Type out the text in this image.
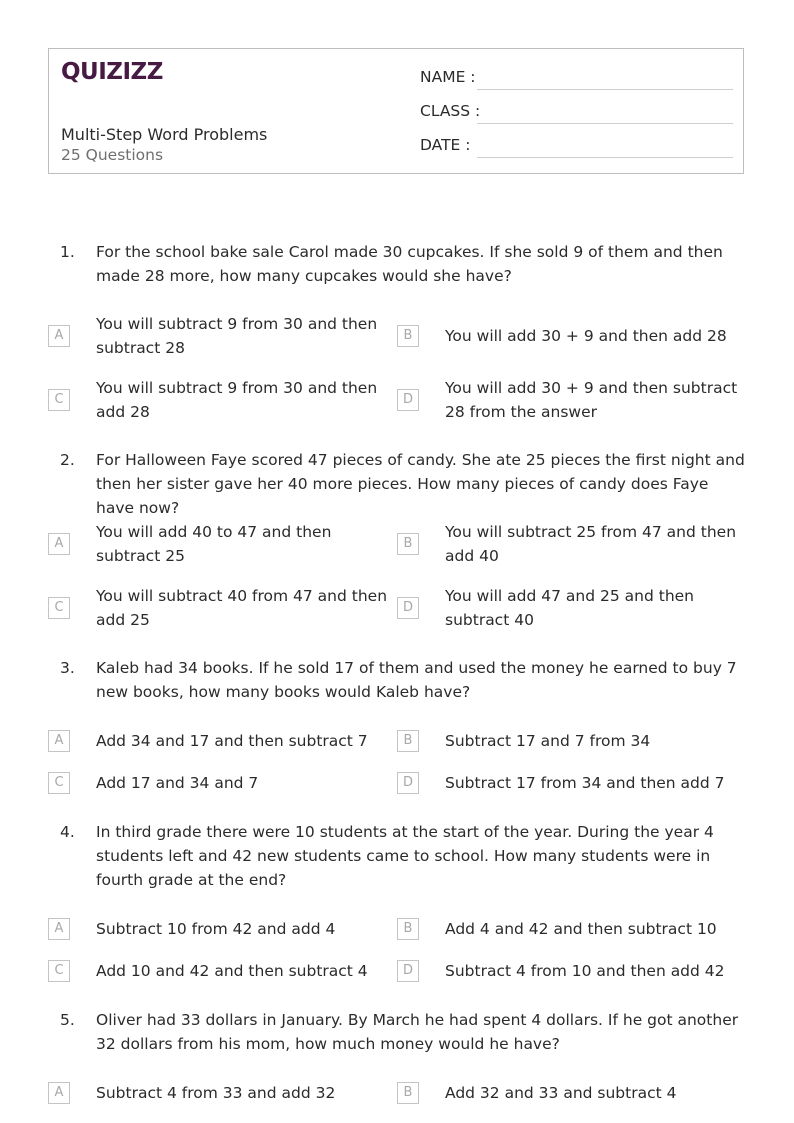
QUIZIZZ
Multi-Step Word Problems
25 Questions
NAME :
CLASS :
DATE :
1. For the school bake sale Carol made 30 cupcakes. If she sold 9 of them and then made 28 more, how many cupcakes would she have?
A
You will subtract 9 from 30 and then subtract 28
B	You will add 30 + 9 and then add 28
C
You will subtract 9 from 30 and then add 28
D
You will add 30 + 9 and then subtract 28 from the answer
2. For Halloween Faye scored 47 pieces of candy. She ate 25 pieces the first night and then her sister gave her 40 more pieces. How many pieces of candy does Faye have now?
A
You will add 40 to 47 and then subtract 25
B
You will subtract 25 from 47 and then add 40
C
You will subtract 40 from 47 and then add 25
D
You will add 47 and 25 and then subtract 40
3. Kaleb had 34 books. If he sold 17 of them and used the money he earned to buy 7 new books, how many books would Kaleb have?
A	Add 34 and 17 and then subtract 7	B	Subtract 17 and 7 from 34
C	Add 17 and 34 and 7	D	Subtract 17 from 34 and then add 7
4. In third grade there were 10 students at the start of the year. During the year 4 students left and 42 new students came to school. How many students were in fourth grade at the end?
A	Subtract 10 from 42 and add 4	B	Add 4 and 42 and then subtract 10
C	Add 10 and 42 and then subtract 4	D	Subtract 4 from 10 and then add 42
5. Oliver had 33 dollars in January. By March he had spent 4 dollars. If he got another 32 dollars from his mom, how much money would he have?
A	Subtract 4 from 33 and add 32	B	Add 32 and 33 and subtract 4
